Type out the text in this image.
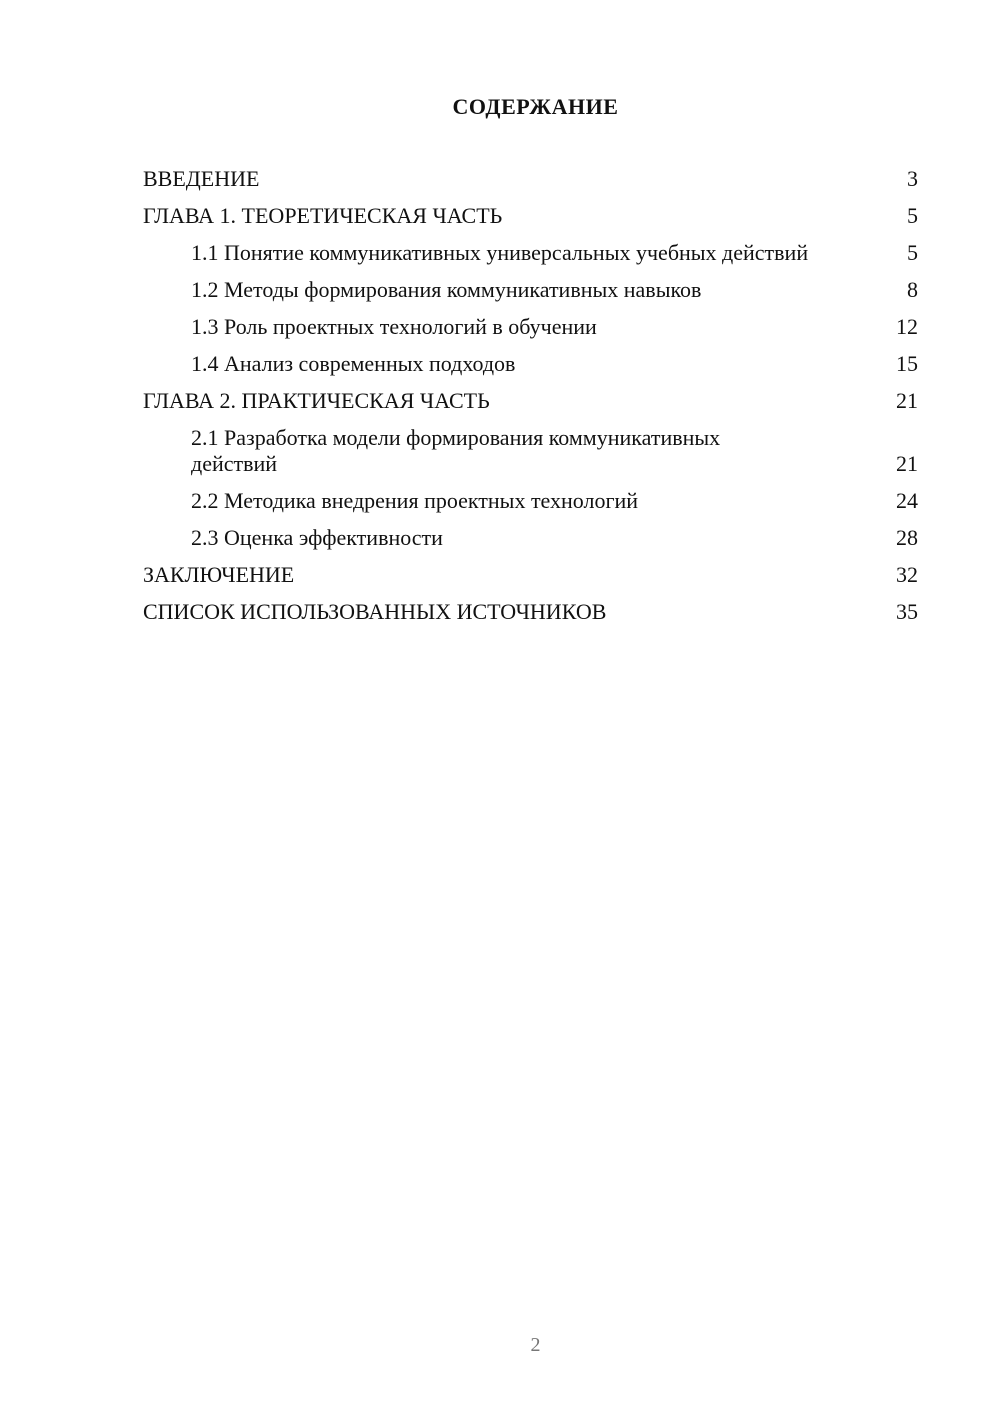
СОДЕРЖАНИЕ
ВВЕДЕНИЕ	3
ГЛАВА 1. ТЕОРЕТИЧЕСКАЯ ЧАСТЬ	5
1.1 Понятие коммуникативных универсальных учебных действий	5
1.2 Методы формирования коммуникативных навыков	8
1.3 Роль проектных технологий в обучении	12
1.4 Анализ современных подходов	15
ГЛАВА 2. ПРАКТИЧЕСКАЯ ЧАСТЬ	21
2.1 Разработка модели формирования коммуникативных действий	21
2.2 Методика внедрения проектных технологий	24
2.3 Оценка эффективности	28
ЗАКЛЮЧЕНИЕ	32
СПИСОК ИСПОЛЬЗОВАННЫХ ИСТОЧНИКОВ	35
2
